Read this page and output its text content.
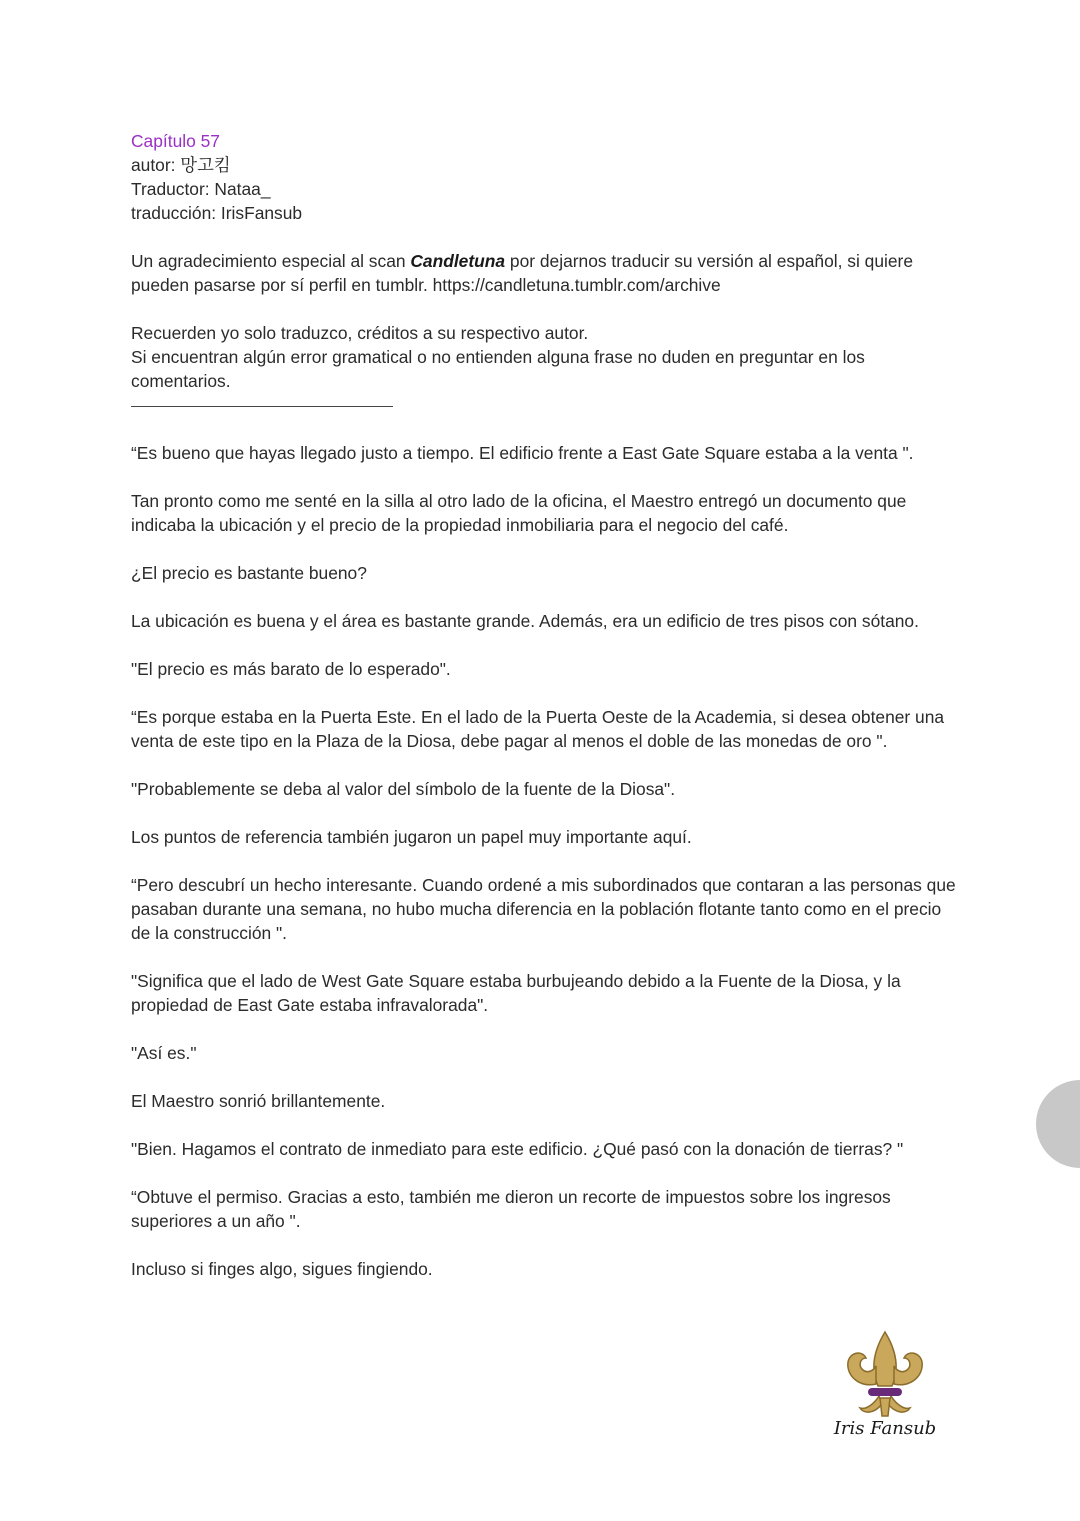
Capítulo 57

autor: 망고킴

Traductor: Nataa_

traducción: IrisFansub

Un agradecimiento especial al scan Candletuna por dejarnos traducir su versión al español, si quiere pueden pasarse por sí perfil en tumblr. https://candletuna.tumblr.com/archive

Recuerden yo solo traduzco, créditos a su respectivo autor.

Si encuentran algún error gramatical o no entienden alguna frase no duden en preguntar en los comentarios.

“Es bueno que hayas llegado justo a tiempo. El edificio frente a East Gate Square estaba a la venta ".

Tan pronto como me senté en la silla al otro lado de la oficina, el Maestro entregó un documento que indicaba la ubicación y el precio de la propiedad inmobiliaria para el negocio del café.

¿El precio es bastante bueno?

La ubicación es buena y el área es bastante grande. Además, era un edificio de tres pisos con sótano.

"El precio es más barato de lo esperado".

“Es porque estaba en la Puerta Este. En el lado de la Puerta Oeste de la Academia, si desea obtener una venta de este tipo en la Plaza de la Diosa, debe pagar al menos el doble de las monedas de oro ".

"Probablemente se deba al valor del símbolo de la fuente de la Diosa".

Los puntos de referencia también jugaron un papel muy importante aquí.

“Pero descubrí un hecho interesante. Cuando ordené a mis subordinados que contaran a las personas que pasaban durante una semana, no hubo mucha diferencia en la población flotante tanto como en el precio de la construcción ".

"Significa que el lado de West Gate Square estaba burbujeando debido a la Fuente de la Diosa, y la propiedad de East Gate estaba infravalorada".

"Así es."

El Maestro sonrió brillantemente.

"Bien. Hagamos el contrato de inmediato para este edificio. ¿Qué pasó con la donación de tierras? "

“Obtuve el permiso. Gracias a esto, también me dieron un recorte de impuestos sobre los ingresos superiores a un año ".

Incluso si finges algo, sigues fingiendo.

Iris Fansub
